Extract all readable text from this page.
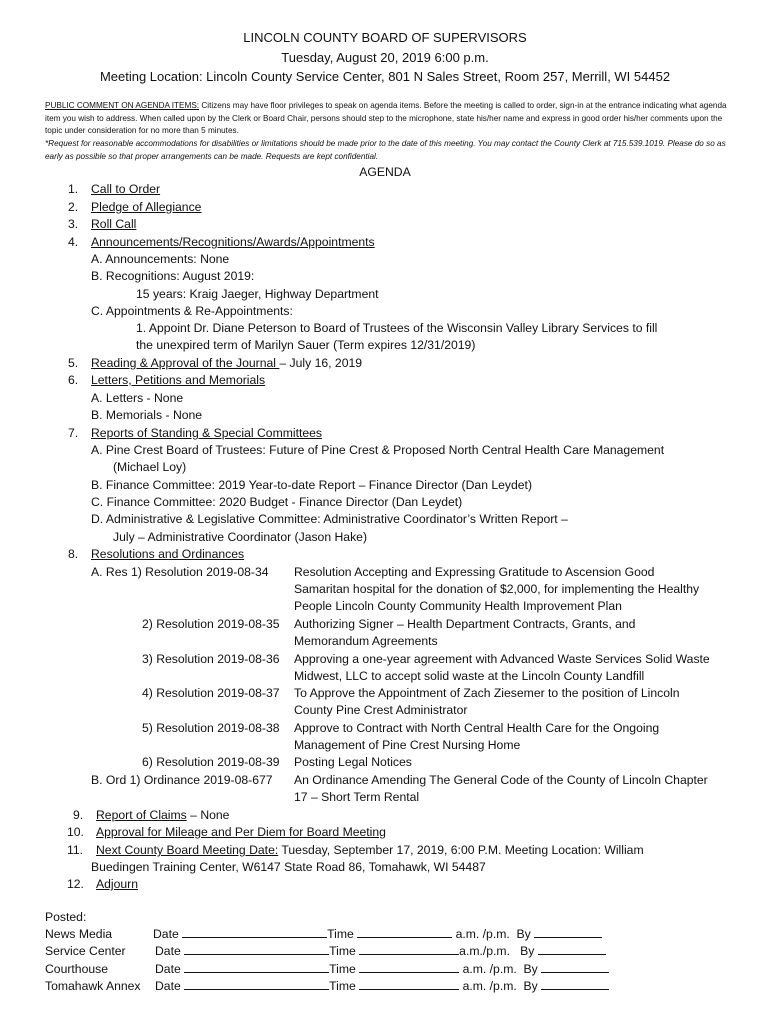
LINCOLN COUNTY BOARD OF SUPERVISORS
Tuesday, August 20, 2019 6:00 p.m.
Meeting Location: Lincoln County Service Center, 801 N Sales Street, Room 257, Merrill, WI 54452
PUBLIC COMMENT ON AGENDA ITEMS: Citizens may have floor privileges to speak on agenda items. Before the meeting is called to order, sign-in at the entrance indicating what agenda item you wish to address. When called upon by the Clerk or Board Chair, persons should step to the microphone, state his/her name and express in good order his/her comments upon the topic under consideration for no more than 5 minutes.
*Request for reasonable accommodations for disabilities or limitations should be made prior to the date of this meeting. You may contact the County Clerk at 715.539.1019. Please do so as early as possible so that proper arrangements can be made. Requests are kept confidential.
AGENDA
1. Call to Order
2. Pledge of Allegiance
3. Roll Call
4. Announcements/Recognitions/Awards/Appointments
A. Announcements: None
B. Recognitions: August 2019:
15 years: Kraig Jaeger, Highway Department
C. Appointments & Re-Appointments:
1. Appoint Dr. Diane Peterson to Board of Trustees of the Wisconsin Valley Library Services to fill
the unexpired term of Marilyn Sauer (Term expires 12/31/2019)
5. Reading & Approval of the Journal – July 16, 2019
6. Letters, Petitions and Memorials
A. Letters - None
B. Memorials - None
7. Reports of Standing & Special Committees
A. Pine Crest Board of Trustees: Future of Pine Crest & Proposed North Central Health Care Management
(Michael Loy)
B. Finance Committee: 2019 Year-to-date Report – Finance Director (Dan Leydet)
C. Finance Committee: 2020 Budget - Finance Director (Dan Leydet)
D. Administrative & Legislative Committee: Administrative Coordinator’s Written Report –
July – Administrative Coordinator (Jason Hake)
8. Resolutions and Ordinances
A. Res 1) Resolution 2019-08-34 Resolution Accepting and Expressing Gratitude to Ascension Good
Samaritan hospital for the donation of $2,000, for implementing the Healthy
People Lincoln County Community Health Improvement Plan
2) Resolution 2019-08-35 Authorizing Signer – Health Department Contracts, Grants, and
Memorandum Agreements
3) Resolution 2019-08-36 Approving a one-year agreement with Advanced Waste Services Solid Waste
Midwest, LLC to accept solid waste at the Lincoln County Landfill
4) Resolution 2019-08-37 To Approve the Appointment of Zach Ziesemer to the position of Lincoln
County Pine Crest Administrator
5) Resolution 2019-08-38 Approve to Contract with North Central Health Care for the Ongoing
Management of Pine Crest Nursing Home
6) Resolution 2019-08-39 Posting Legal Notices
B. Ord 1) Ordinance 2019-08-677 An Ordinance Amending The General Code of the County of Lincoln Chapter
17 – Short Term Rental
9. Report of Claims – None
10. Approval for Mileage and Per Diem for Board Meeting
11. Next County Board Meeting Date: Tuesday, September 17, 2019, 6:00 P.M. Meeting Location: William
Buedingen Training Center, W6147 State Road 86, Tomahawk, WI 54487
12. Adjourn
Posted:
News Media	Date	Time	a.m. /p.m. By
Service Center Date	Time	a.m./p.m. By
Courthouse	Date	Time	a.m. /p.m. By
Tomahawk Annex Date	Time	a.m. /p.m. By
